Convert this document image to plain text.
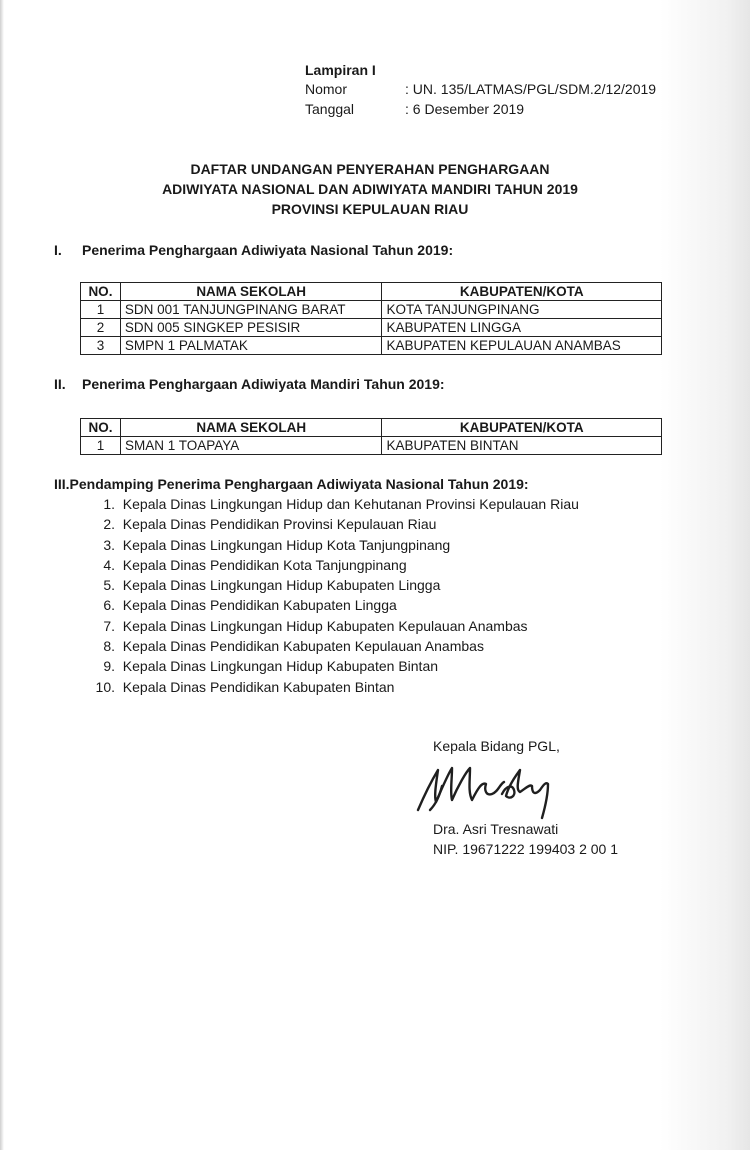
Lampiran I
Nomor	: UN. 135/LATMAS/PGL/SDM.2/12/2019
Tanggal	: 6 Desember 2019
DAFTAR UNDANGAN PENYERAHAN PENGHARGAAN
ADIWIYATA NASIONAL DAN ADIWIYATA MANDIRI TAHUN 2019
PROVINSI KEPULAUAN RIAU
I. Penerima Penghargaan Adiwiyata Nasional Tahun 2019:
NO.	NAMA SEKOLAH	KABUPATEN/KOTA
1	SDN 001 TANJUNGPINANG BARAT	KOTA TANJUNGPINANG
2	SDN 005 SINGKEP PESISIR	KABUPATEN LINGGA
3	SMPN 1 PALMATAK	KABUPATEN KEPULAUAN ANAMBAS
II. Penerima Penghargaan Adiwiyata Mandiri Tahun 2019:
NO.	NAMA SEKOLAH	KABUPATEN/KOTA
1	SMAN 1 TOAPAYA	KABUPATEN BINTAN
III.Pendamping Penerima Penghargaan Adiwiyata Nasional Tahun 2019:
1. Kepala Dinas Lingkungan Hidup dan Kehutanan Provinsi Kepulauan Riau
2. Kepala Dinas Pendidikan Provinsi Kepulauan Riau
3. Kepala Dinas Lingkungan Hidup Kota Tanjungpinang
4. Kepala Dinas Pendidikan Kota Tanjungpinang
5. Kepala Dinas Lingkungan Hidup Kabupaten Lingga
6. Kepala Dinas Pendidikan Kabupaten Lingga
7. Kepala Dinas Lingkungan Hidup Kabupaten Kepulauan Anambas
8. Kepala Dinas Pendidikan Kabupaten Kepulauan Anambas
9. Kepala Dinas Lingkungan Hidup Kabupaten Bintan
10. Kepala Dinas Pendidikan Kabupaten Bintan
Kepala Bidang PGL,
Dra. Asri Tresnawati
NIP. 19671222 199403 2 00 1
